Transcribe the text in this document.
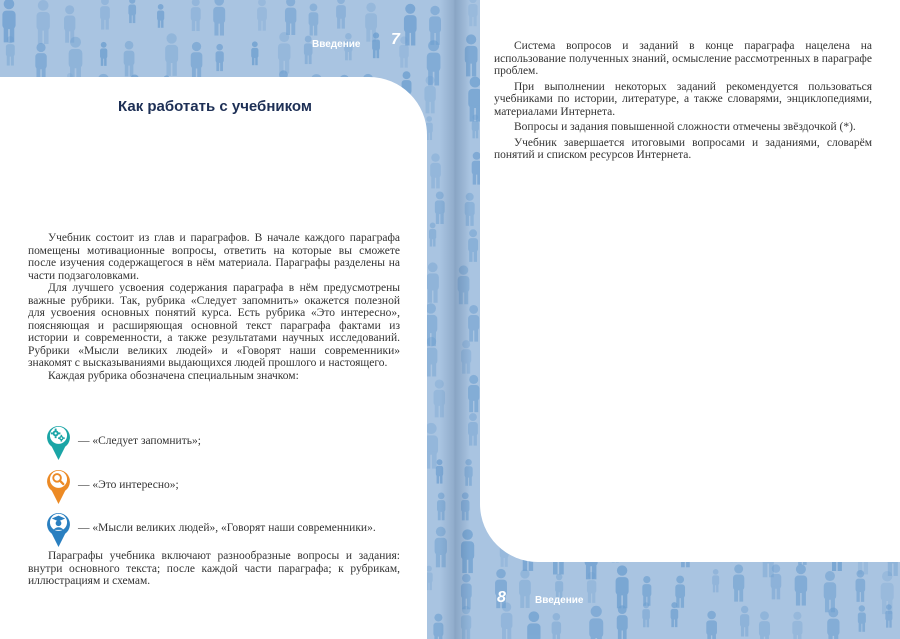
Введение 7
8	Введение
Как работать с учебником

Учебник состоит из глав и параграфов. В начале каждого параграфа помещены мотивационные вопросы, ответить на которые вы сможете после изучения содержащегося в нём материала. Параграфы разделены на части подзаголовками.

Для лучшего усвоения содержания параграфа в нём предусмотрены важные рубрики. Так, рубрика «Следует запомнить» окажется полезной для усвоения основных понятий курса. Есть рубрика «Это интересно», поясняющая и расширяющая основной текст параграфа фактами из истории и современности, а также результатами научных исследований. Рубрики «Мысли великих людей» и «Говорят наши современники» знакомят с высказываниями выдающихся людей прошлого и настоящего.

Каждая рубрика обозначена специальным значком:

— «Следует запомнить»;
— «Это интересно»;
— «Мысли великих людей», «Говорят наши современники».

Параграфы учебника включают разнообразные вопросы и задания: внутри основного текста; после каждой части параграфа; к рубрикам, иллюстрациям и схемам.

Система вопросов и заданий в конце параграфа нацелена на использование полученных знаний, осмысление рассмотренных в параграфе проблем.

При выполнении некоторых заданий рекомендуется пользоваться учебниками по истории, литературе, а также словарями, энциклопедиями, материалами Интернета.

Вопросы и задания повышенной сложности отмечены звёздочкой (*).

Учебник завершается итоговыми вопросами и заданиями, словарём понятий и списком ресурсов Интернета.
